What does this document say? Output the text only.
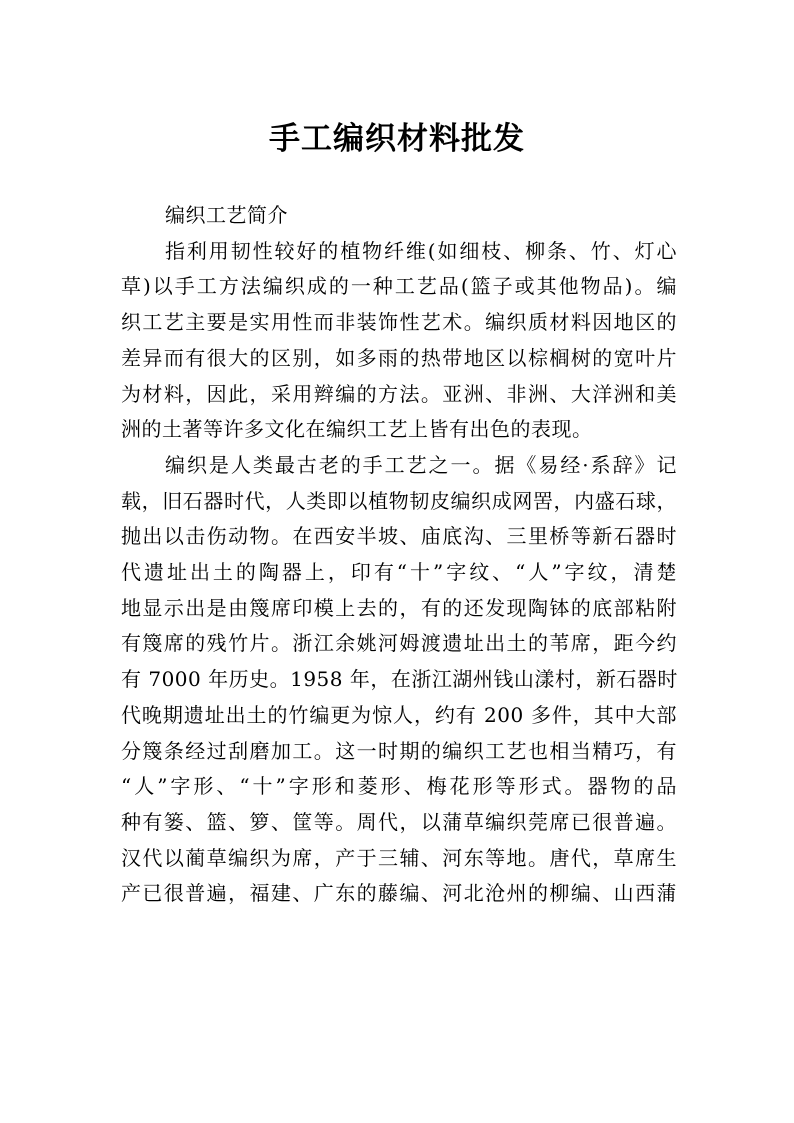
手工编织材料批发

编织工艺简介

指利用韧性较好的植物纤维(如细枝、柳条、竹、灯心
草)以手工方法编织成的一种工艺品(篮子或其他物品)。编
织工艺主要是实用性而非装饰性艺术。编织质材料因地区的
差异而有很大的区别，如多雨的热带地区以棕榈树的宽叶片
为材料，因此，采用辫编的方法。亚洲、非洲、大洋洲和美
洲的土著等许多文化在编织工艺上皆有出色的表现。

编织是人类最古老的手工艺之一。据《易经·系辞》记
载，旧石器时代，人类即以植物韧皮编织成网罟，内盛石球，
抛出以击伤动物。在西安半坡、庙底沟、三里桥等新石器时
代遗址出土的陶器上，印有“十”字纹、“人”字纹，清楚
地显示出是由篾席印模上去的，有的还发现陶钵的底部粘附
有篾席的残竹片。浙江余姚河姆渡遗址出土的苇席，距今约
有 7000 年历史。1958 年，在浙江湖州钱山漾村，新石器时
代晚期遗址出土的竹编更为惊人，约有 200 多件，其中大部
分篾条经过刮磨加工。这一时期的编织工艺也相当精巧，有
“人”字形、“十”字形和菱形、梅花形等形式。器物的品
种有篓、篮、箩、筐等。周代，以蒲草编织莞席已很普遍。
汉代以蔺草编织为席，产于三辅、河东等地。唐代，草席生
产已很普遍，福建、广东的藤编、河北沧州的柳编、山西蒲
